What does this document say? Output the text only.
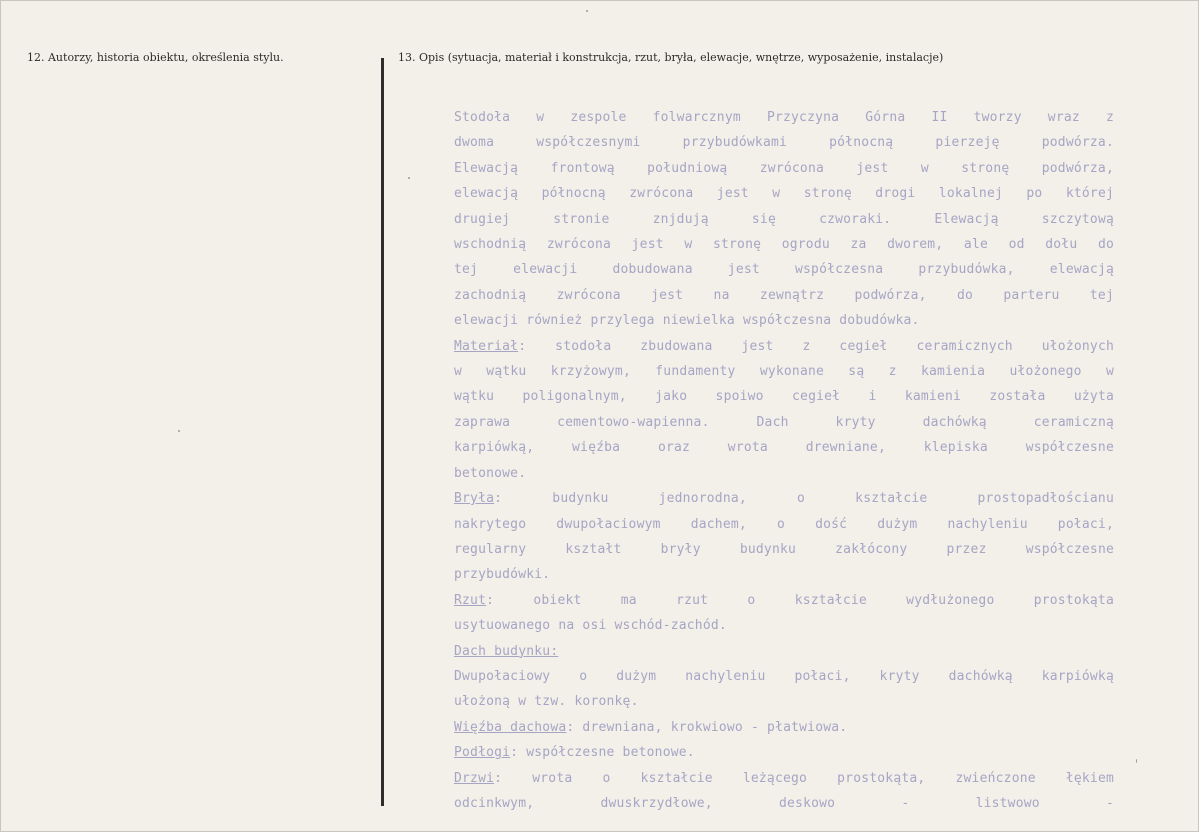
12. Autorzy, historia obiektu, określenia stylu.	13. Opis (sytuacja, materiał i konstrukcja, rzut, bryła, elewacje, wnętrze, wyposażenie, instalacje)

Stodoła w zespole folwarcznym Przyczyna Górna II tworzy wraz z

dwoma współczesnymi przybudówkami północną pierzeję podwórza.

Elewacją frontową południową zwrócona jest w stronę podwórza,

elewacją północną zwrócona jest w stronę drogi lokalnej po której

drugiej stronie znjdują się czworaki. Elewacją szczytową

wschodnią zwrócona jest w stronę ogrodu za dworem, ale od dołu do

tej elewacji dobudowana jest współczesna przybudówka, elewacją

zachodnią zwrócona jest na zewnątrz podwórza, do parteru tej

elewacji również przylega niewielka współczesna dobudówka.

Materiał: stodoła zbudowana jest z cegieł ceramicznych ułożonych

w wątku krzyżowym, fundamenty wykonane są z kamienia ułożonego w

wątku poligonalnym, jako spoiwo cegieł i kamieni została użyta

zaprawa cementowo-wapienna. Dach kryty dachówką ceramiczną

karpiówką, więźba oraz wrota drewniane, klepiska współczesne

betonowe.

Bryła: budynku jednorodna, o kształcie prostopadłościanu

nakrytego dwupołaciowym dachem, o dość dużym nachyleniu połaci,

regularny kształt bryły budynku zakłócony przez współczesne

przybudówki.

Rzut: obiekt ma rzut o kształcie wydłużonego prostokąta

usytuowanego na osi wschód-zachód.

Dach budynku:

Dwupołaciowy o dużym nachyleniu połaci, kryty dachówką karpiówką

ułożoną w tzw. koronkę.

Więźba dachowa: drewniana, krokwiowo - płatwiowa.

Podłogi: współczesne betonowe.

Drzwi: wrota o kształcie leżącego prostokąta, zwieńczone łękiem

odcinkwym, dwuskrzydłowe, deskowo - listwowo -
